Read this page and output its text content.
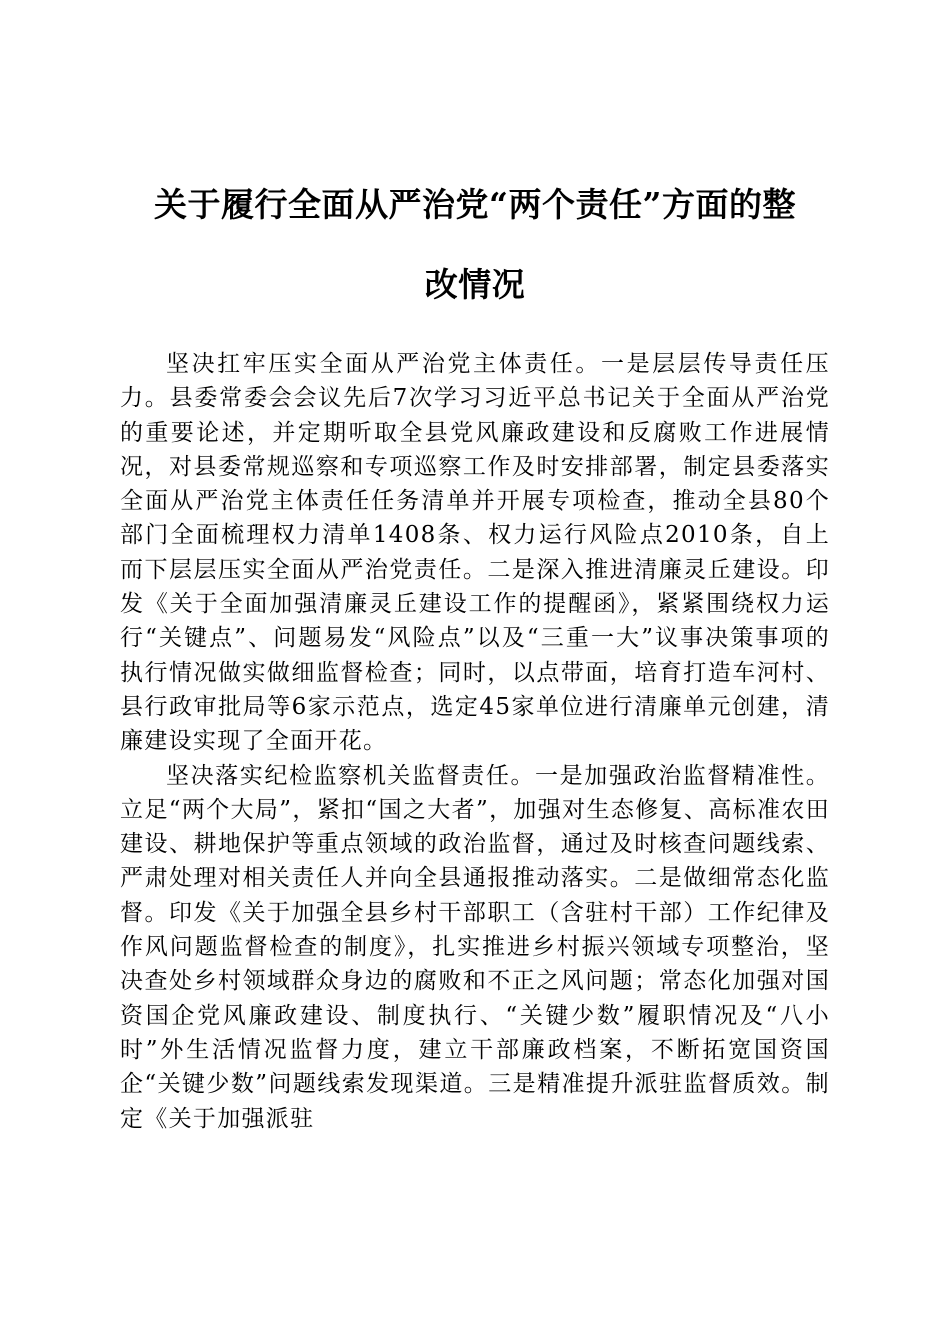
关于履行全面从严治党“两个责任”方面的整
改情况

坚决扛牢压实全面从严治党主体责任。一是层层传导责任压力。县委常委会会议先后7次学习习近平总书记关于全面从严治党的重要论述，并定期听取全县党风廉政建设和反腐败工作进展情况，对县委常规巡察和专项巡察工作及时安排部署，制定县委落实全面从严治党主体责任任务清单并开展专项检查，推动全县80个部门全面梳理权力清单1408条、权力运行风险点2010条，自上而下层层压实全面从严治党责任。二是深入推进清廉灵丘建设。印发《关于全面加强清廉灵丘建设工作的提醒函》，紧紧围绕权力运行“关键点”、问题易发“风险点”以及“三重一大”议事决策事项的执行情况做实做细监督检查；同时，以点带面，培育打造车河村、县行政审批局等6家示范点，选定45家单位进行清廉单元创建，清廉建设实现了全面开花。

坚决落实纪检监察机关监督责任。一是加强政治监督精准性。立足“两个大局”，紧扣“国之大者”，加强对生态修复、高标准农田建设、耕地保护等重点领域的政治监督，通过及时核查问题线索、严肃处理对相关责任人并向全县通报推动落实。二是做细常态化监督。印发《关于加强全县乡村干部职工（含驻村干部）工作纪律及作风问题监督检查的制度》，扎实推进乡村振兴领域专项整治，坚决查处乡村领域群众身边的腐败和不正之风问题；常态化加强对国资国企党风廉政建设、制度执行、“关键少数”履职情况及“八小时”外生活情况监督力度，建立干部廉政档案，不断拓宽国资国企“关键少数”问题线索发现渠道。三是精准提升派驻监督质效。制定《关于加强派驻
